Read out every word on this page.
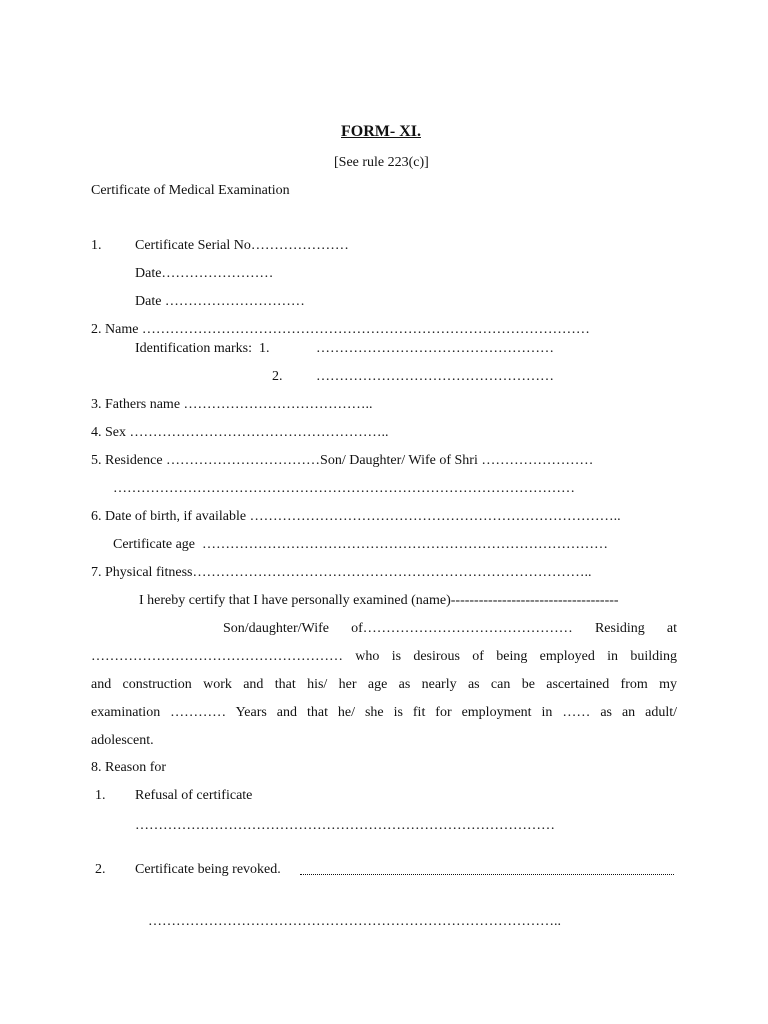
FORM- XI.
[See rule 223(c)]
Certificate of Medical Examination
1. Certificate Serial No…………………
Date……………………
Date …………………………
2. Name ……………………………………………………………………………………
Identification marks:  1.	……………………………………………
2. ……………………………………………
3. Fathers name …………………………………..
4. Sex ………………………………………………..
5. Residence ……………………………Son/ Daughter/ Wife of Shri ……………………
………………………………………………………………………………………
6. Date of birth, if available ……………………………………………………………………..
Certificate age  ……………………………………………………………………………
7. Physical fitness…………………………………………………………………………..
I hereby certify that I have personally examined (name)------------------------------------
Son/daughter/Wife of……………………………………… Residing at
……………………………………………… who is desirous of being employed in building
and construction work and that his/ her age as nearly as can be ascertained from my
examination ………… Years and that he/ she is fit for employment in …… as an adult/
adolescent.
8. Reason for
1. Refusal of certificate
………………………………………………………………………………
2. Certificate being revoked.
……………………………………………………………………………..
